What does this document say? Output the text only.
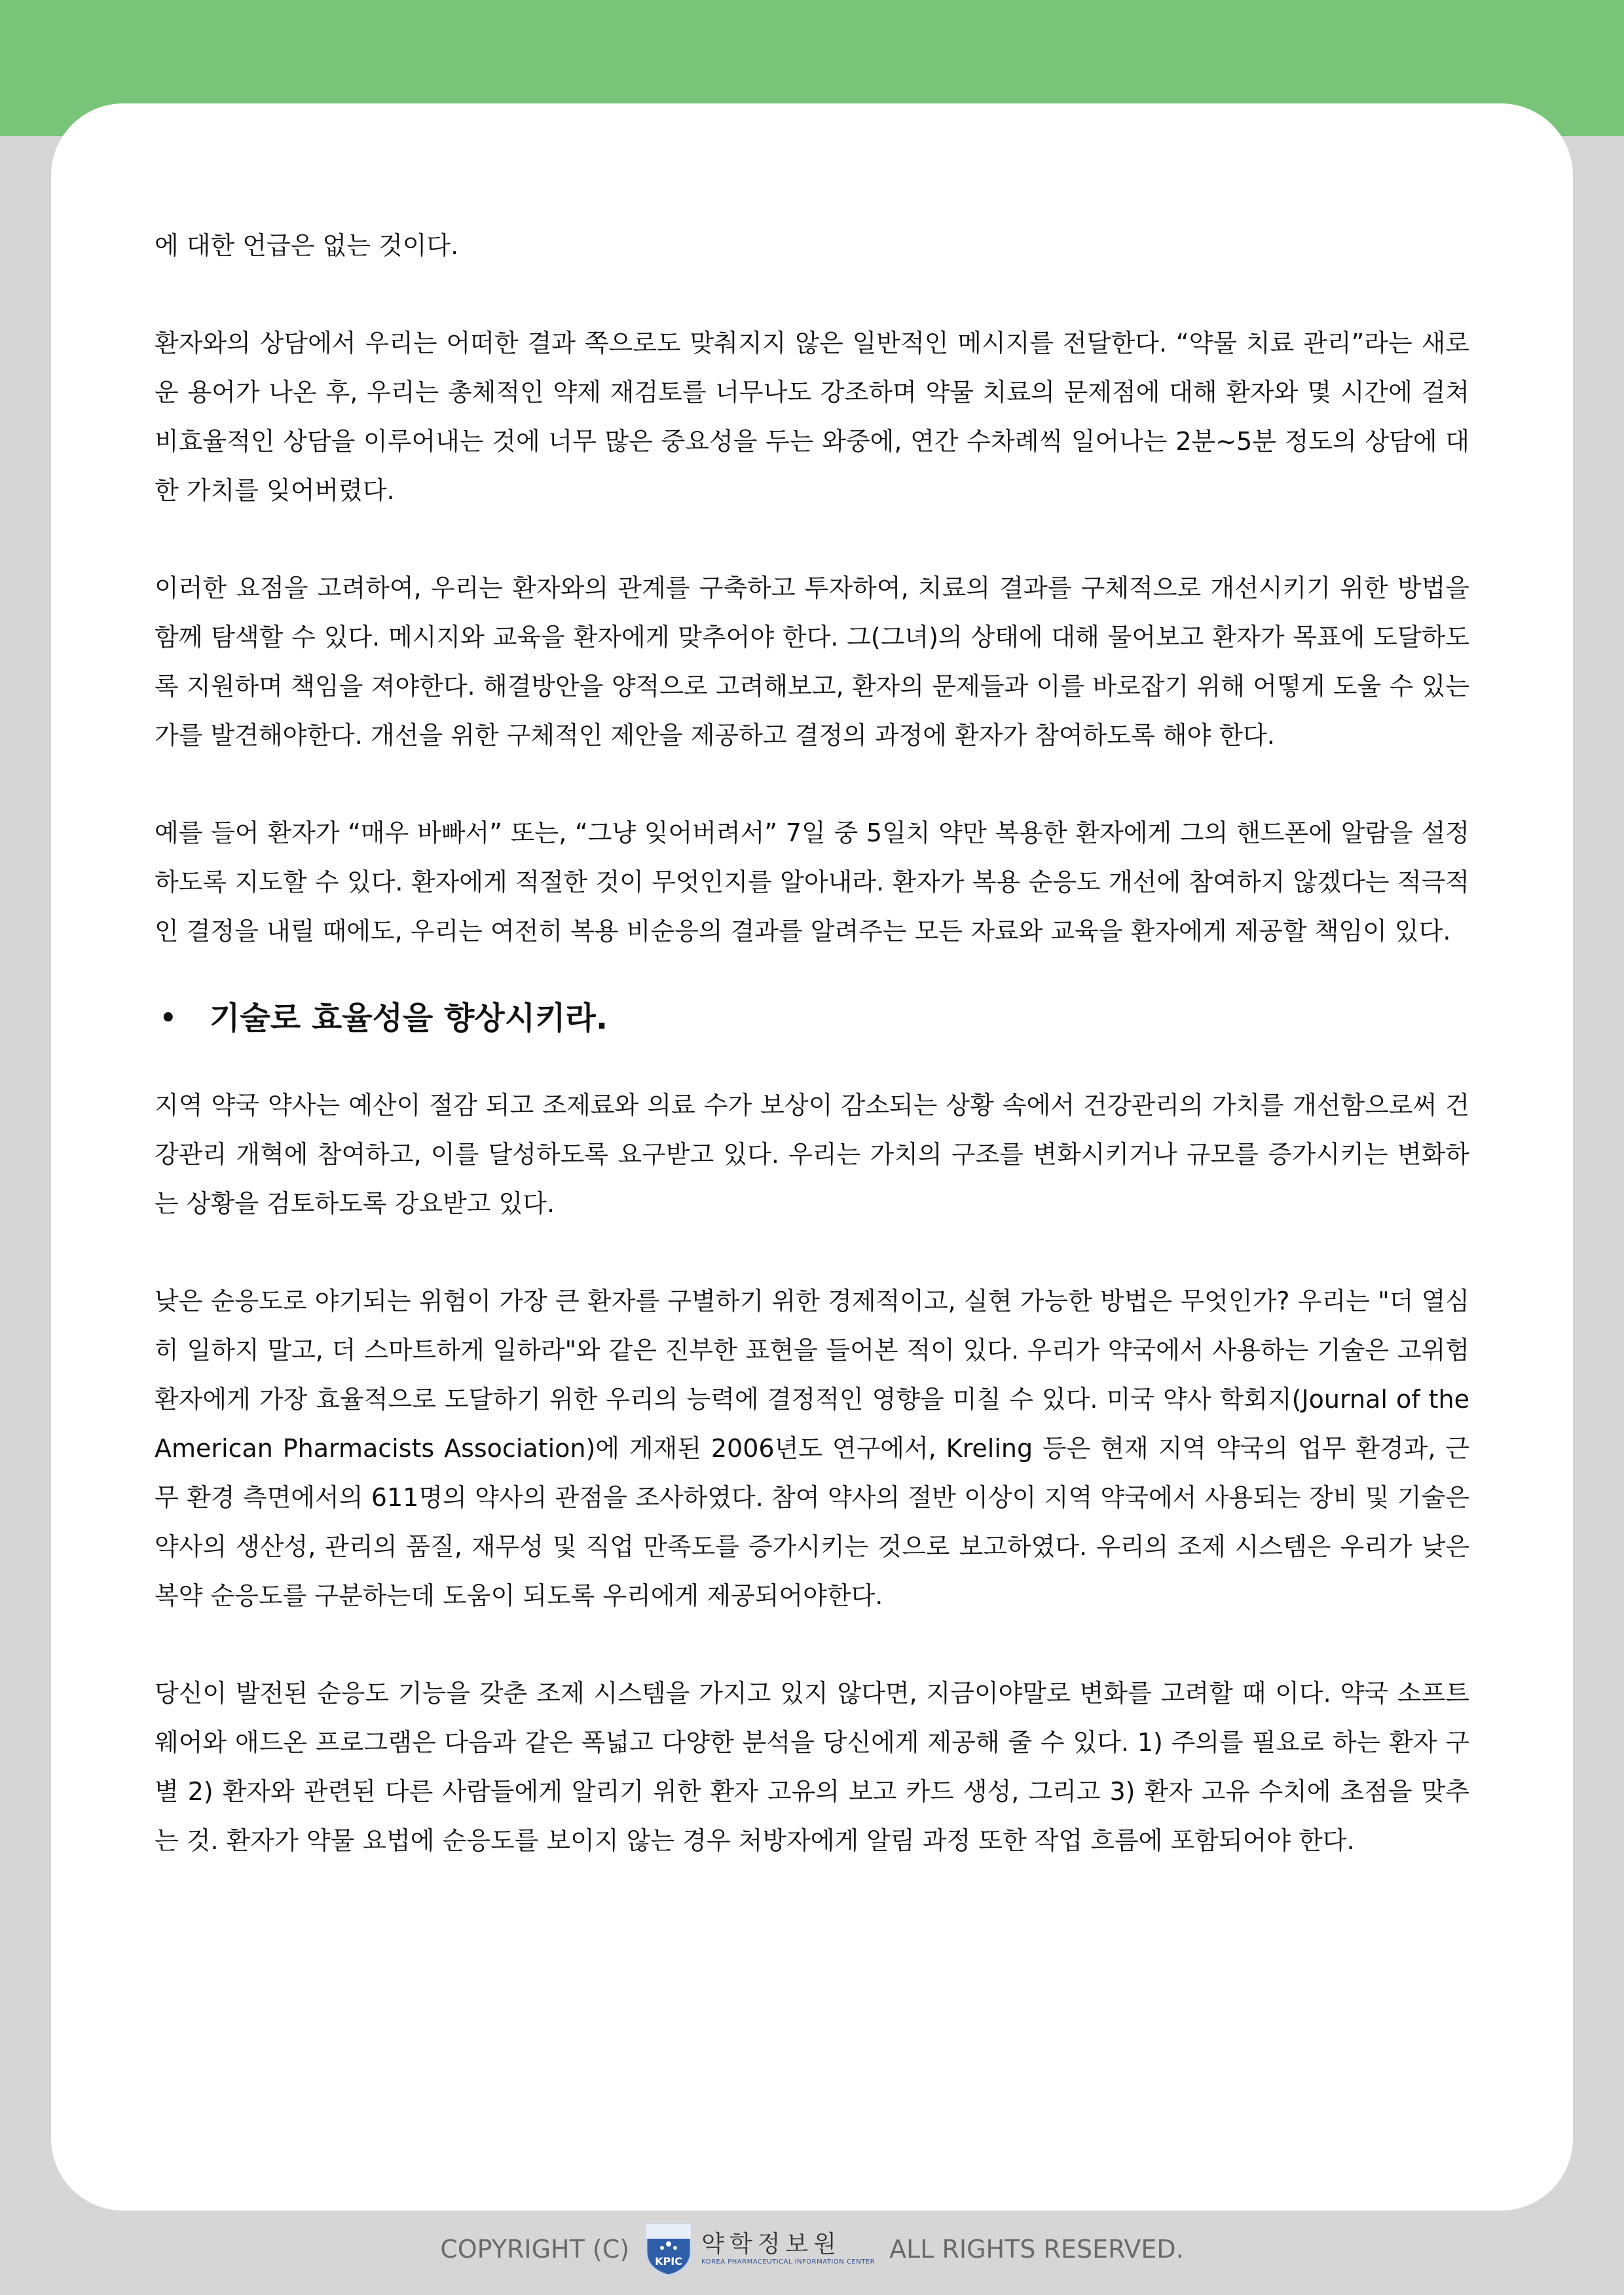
에 대한 언급은 없는 것이다.

환자와의 상담에서 우리는 어떠한 결과 쪽으로도 맞춰지지 않은 일반적인 메시지를 전달한다. “약물 치료 관리”라는 새로운 용어가 나온 후, 우리는 총체적인 약제 재검토를 너무나도 강조하며 약물 치료의 문제점에 대해 환자와 몇 시간에 걸쳐 비효율적인 상담을 이루어내는 것에 너무 많은 중요성을 두는 와중에, 연간 수차례씩 일어나는 2분~5분 정도의 상담에 대한 가치를 잊어버렸다.

이러한 요점을 고려하여, 우리는 환자와의 관계를 구축하고 투자하여, 치료의 결과를 구체적으로 개선시키기 위한 방법을 함께 탐색할 수 있다. 메시지와 교육을 환자에게 맞추어야 한다. 그(그녀)의 상태에 대해 물어보고 환자가 목표에 도달하도록 지원하며 책임을 져야한다. 해결방안을 양적으로 고려해보고, 환자의 문제들과 이를 바로잡기 위해 어떻게 도울 수 있는가를 발견해야한다. 개선을 위한 구체적인 제안을 제공하고 결정의 과정에 환자가 참여하도록 해야 한다.

예를 들어 환자가 “매우 바빠서” 또는, “그냥 잊어버려서” 7일 중 5일치 약만 복용한 환자에게 그의 핸드폰에 알람을 설정하도록 지도할 수 있다. 환자에게 적절한 것이 무엇인지를 알아내라. 환자가 복용 순응도 개선에 참여하지 않겠다는 적극적인 결정을 내릴 때에도, 우리는 여전히 복용 비순응의 결과를 알려주는 모든 자료와 교육을 환자에게 제공할 책임이 있다.

•	기술로 효율성을 향상시키라.

지역 약국 약사는 예산이 절감 되고 조제료와 의료 수가 보상이 감소되는 상황 속에서 건강관리의 가치를 개선함으로써 건강관리 개혁에 참여하고, 이를 달성하도록 요구받고 있다. 우리는 가치의 구조를 변화시키거나 규모를 증가시키는 변화하는 상황을 검토하도록 강요받고 있다.

낮은 순응도로 야기되는 위험이 가장 큰 환자를 구별하기 위한 경제적이고, 실현 가능한 방법은 무엇인가? 우리는 "더 열심히 일하지 말고, 더 스마트하게 일하라"와 같은 진부한 표현을 들어본 적이 있다. 우리가 약국에서 사용하는 기술은 고위험 환자에게 가장 효율적으로 도달하기 위한 우리의 능력에 결정적인 영향을 미칠 수 있다. 미국 약사 학회지(Journal of the American Pharmacists Association)에 게재된 2006년도 연구에서, Kreling 등은 현재 지역 약국의 업무 환경과, 근무 환경 측면에서의 611명의 약사의 관점을 조사하였다. 참여 약사의 절반 이상이 지역 약국에서 사용되는 장비 및 기술은 약사의 생산성, 관리의 품질, 재무성 및 직업 만족도를 증가시키는 것으로 보고하였다. 우리의 조제 시스템은 우리가 낮은 복약 순응도를 구분하는데 도움이 되도록 우리에게 제공되어야한다.

당신이 발전된 순응도 기능을 갖춘 조제 시스템을 가지고 있지 않다면, 지금이야말로 변화를 고려할 때 이다. 약국 소프트웨어와 애드온 프로그램은 다음과 같은 폭넓고 다양한 분석을 당신에게 제공해 줄 수 있다. 1) 주의를 필요로 하는 환자 구별 2) 환자와 관련된 다른 사람들에게 알리기 위한 환자 고유의 보고 카드 생성, 그리고 3) 환자 고유 수치에 초점을 맞추는 것. 환자가 약물 요법에 순응도를 보이지 않는 경우 처방자에게 알림 과정 또한 작업 흐름에 포함되어야 한다.

COPYRIGHT (C) KPIC
약학정보원
KOREA PHARMACEUTICAL INFORMATION CENTER ALL RIGHTS RESERVED.
